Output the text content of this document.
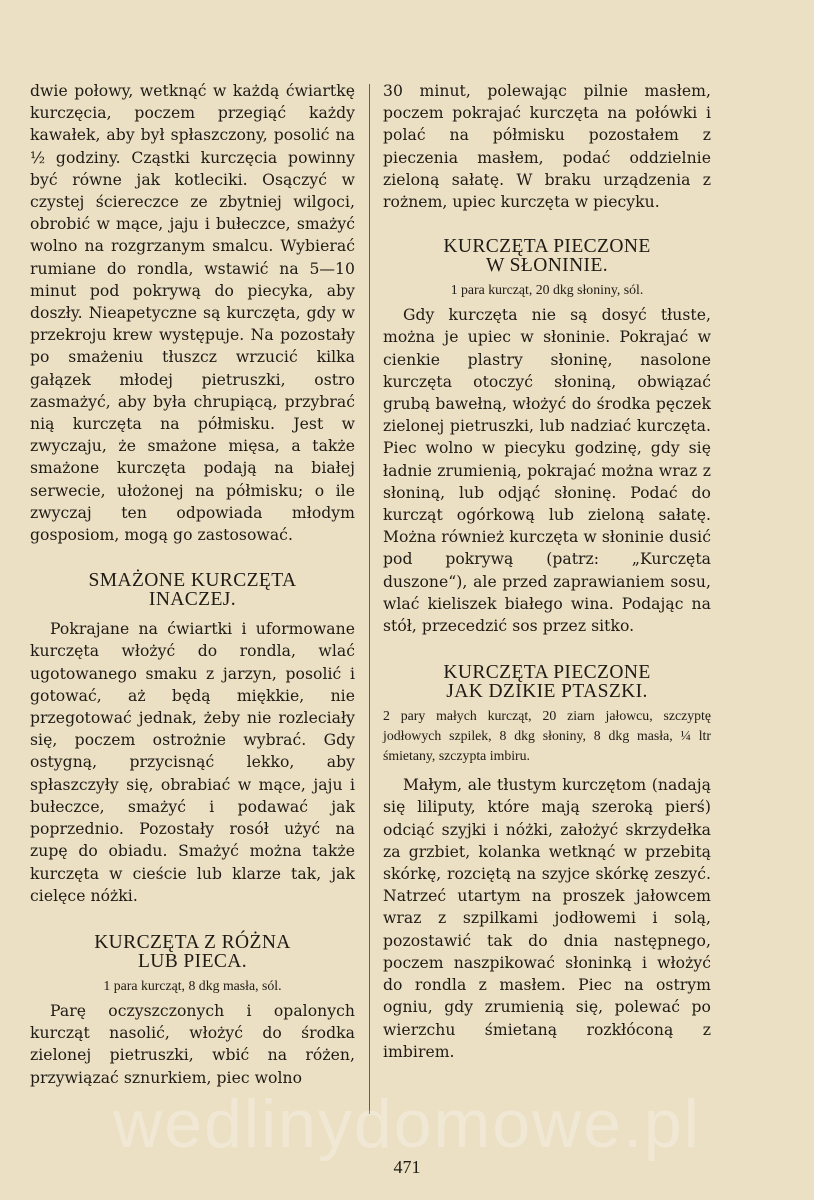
dwie połowy, wetknąć w każdą ćwiartkę kurczęcia, poczem przegiąć każdy kawałek, aby był spłaszczony, posolić na ½ godziny. Cząstki kurczęcia powinny być równe jak kotleciki. Osączyć w czystej ściereczce ze zbytniej wilgoci, obrobić w mące, jaju i bułeczce, smażyć wolno na rozgrzanym smalcu. Wybierać rumiane do rondla, wstawić na 5—10 minut pod pokrywą do piecyka, aby doszły. Nieapetyczne są kurczęta, gdy w przekroju krew występuje. Na pozostały po smażeniu tłuszcz wrzucić kilka gałązek młodej pietruszki, ostro zasmażyć, aby była chrupiącą, przybrać nią kurczęta na półmisku. Jest w zwyczaju, że smażone mięsa, a także smażone kurczęta podają na białej serwecie, ułożonej na półmisku; o ile zwyczaj ten odpowiada młodym gosposiom, mogą go zastosować.

SMAŻONE KURCZĘTA
INACZEJ.

Pokrajane na ćwiartki i uformowane kurczęta włożyć do rondla, wlać ugotowanego smaku z jarzyn, posolić i gotować, aż będą miękkie, nie przegotować jednak, żeby nie rozleciały się, poczem ostrożnie wybrać. Gdy ostygną, przycisnąć lekko, aby spłaszczyły się, obrabiać w mące, jaju i bułeczce, smażyć i podawać jak poprzednio. Pozostały rosół użyć na zupę do obiadu. Smażyć można także kurczęta w cieście lub klarze tak, jak cielęce nóżki.

KURCZĘTA Z RÓŻNA
LUB PIECA.
1 para kurcząt, 8 dkg masła, sól.

Parę oczyszczonych i opalonych kurcząt nasolić, włożyć do środka zielonej pietruszki, wbić na różen, przywiązać sznurkiem, piec wolno

30 minut, polewając pilnie masłem, poczem pokrajać kurczęta na połówki i polać na półmisku pozostałem z pieczenia masłem, podać oddzielnie zieloną sałatę. W braku urządzenia z rożnem, upiec kurczęta w piecyku.

KURCZĘTA PIECZONE
W SŁONINIE.
1 para kurcząt, 20 dkg słoniny, sól.

Gdy kurczęta nie są dosyć tłuste, można je upiec w słoninie. Pokrajać w cienkie plastry słoninę, nasolone kurczęta otoczyć słoniną, obwiązać grubą bawełną, włożyć do środka pęczek zielonej pietruszki, lub nadziać kurczęta. Piec wolno w piecyku godzinę, gdy się ładnie zrumienią, pokrajać można wraz z słoniną, lub odjąć słoninę. Podać do kurcząt ogórkową lub zieloną sałatę. Można również kurczęta w słoninie dusić pod pokrywą (patrz: „Kurczęta duszone“), ale przed zaprawianiem sosu, wlać kieliszek białego wina. Podając na stół, przecedzić sos przez sitko.

KURCZĘTA PIECZONE
JAK DZIKIE PTASZKI.
2 pary małych kurcząt, 20 ziarn jałowcu, szczyptę jodłowych szpilek, 8 dkg słoniny, 8 dkg masła, ¼ ltr śmietany, szczypta imbiru.

Małym, ale tłustym kurczętom (nadają się liliputy, które mają szeroką pierś) odciąć szyjki i nóżki, założyć skrzydełka za grzbiet, kolanka wetknąć w przebitą skórkę, rozciętą na szyjce skórkę zeszyć. Natrzeć utartym na proszek jałowcem wraz z szpilkami jodłowemi i solą, pozostawić tak do dnia następnego, poczem naszpikować słoninką i włożyć do rondla z masłem. Piec na ostrym ogniu, gdy zrumienią się, polewać po wierzchu śmietaną rozkłóconą z imbirem.

wedlinydomowe.pl
471
